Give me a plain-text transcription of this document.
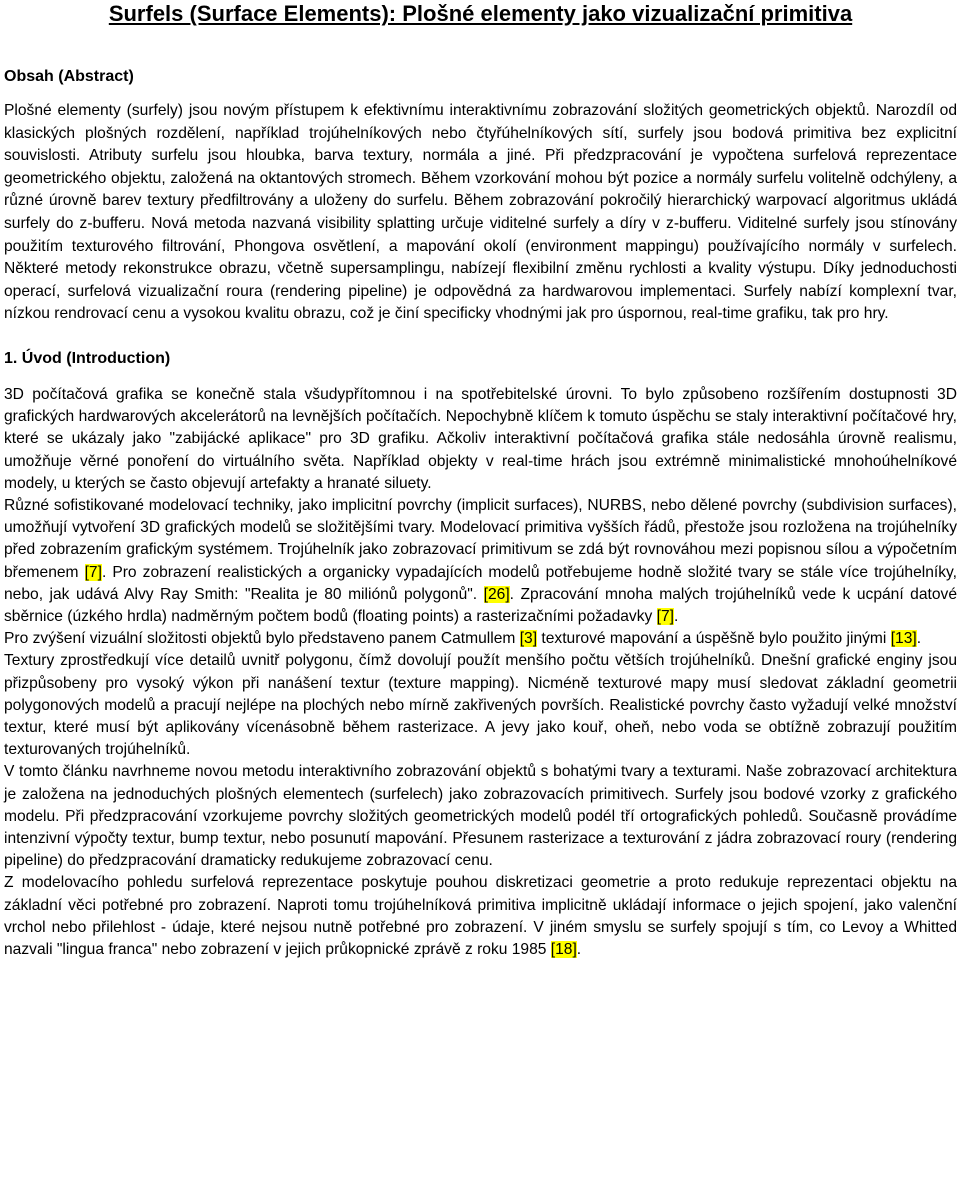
Surfels (Surface Elements): Plošné elementy jako vizualizační primitiva
Obsah (Abstract)

Plošné elementy (surfely) jsou novým přístupem k efektivnímu interaktivnímu zobrazování složitých geometrických objektů. Narozdíl od klasických plošných rozdělení, například trojúhelníkových nebo čtyřúhelníkových sítí, surfely jsou bodová primitiva bez explicitní souvislosti. Atributy surfelu jsou hloubka, barva textury, normála a jiné. Při předzpracování je vypočtena surfelová reprezentace geometrického objektu, založená na oktantových stromech. Během vzorkování mohou být pozice a normály surfelu volitelně odchýleny, a různé úrovně barev textury předfiltrovány a uloženy do surfelu. Během zobrazování pokročilý hierarchický warpovací algoritmus ukládá surfely do z-bufferu. Nová metoda nazvaná visibility splatting určuje viditelné surfely a díry v z-bufferu. Viditelné surfely jsou stínovány použitím texturového filtrování, Phongova osvětlení, a mapování okolí (environment mappingu) používajícího normály v surfelech. Některé metody rekonstrukce obrazu, včetně supersamplingu, nabízejí flexibilní změnu rychlosti a kvality výstupu. Díky jednoduchosti operací, surfelová vizualizační roura (rendering pipeline) je odpovědná za hardwarovou implementaci. Surfely nabízí komplexní tvar, nízkou rendrovací cenu a vysokou kvalitu obrazu, což je činí specificky vhodnými jak pro úspornou, real-time grafiku, tak pro hry.

1. Úvod (Introduction)

3D počítačová grafika se konečně stala všudypřítomnou i na spotřebitelské úrovni. To bylo způsobeno rozšířením dostupnosti 3D grafických hardwarových akcelerátorů na levnějších počítačích. Nepochybně klíčem k tomuto úspěchu se staly interaktivní počítačové hry, které se ukázaly jako "zabijácké aplikace" pro 3D grafiku. Ačkoliv interaktivní počítačová grafika stále nedosáhla úrovně realismu, umožňuje věrné ponoření do virtuálního světa. Například objekty v real-time hrách jsou extrémně minimalistické mnohoúhelníkové modely, u kterých se často objevují artefakty a hranaté siluety.

Různé sofistikované modelovací techniky, jako implicitní povrchy (implicit surfaces), NURBS, nebo dělené povrchy (subdivision surfaces), umožňují vytvoření 3D grafických modelů se složitějšími tvary. Modelovací primitiva vyšších řádů, přestože jsou rozložena na trojúhelníky před zobrazením grafickým systémem. Trojúhelník jako zobrazovací primitivum se zdá být rovnováhou mezi popisnou sílou a výpočetním břemenem [7]. Pro zobrazení realistických a organicky vypadajících modelů potřebujeme hodně složité tvary se stále více trojúhelníky, nebo, jak udává Alvy Ray Smith: "Realita je 80 miliónů polygonů". [26]. Zpracování mnoha malých trojúhelníků vede k ucpání datové sběrnice (úzkého hrdla) nadměrným počtem bodů (floating points) a rasterizačními požadavky [7].

Pro zvýšení vizuální složitosti objektů bylo představeno panem Catmullem [3] texturové mapování a úspěšně bylo použito jinými [13].

Textury zprostředkují více detailů uvnitř polygonu, čímž dovolují použít menšího počtu větších trojúhelníků. Dnešní grafické enginy jsou přizpůsobeny pro vysoký výkon při nanášení textur (texture mapping). Nicméně texturové mapy musí sledovat základní geometrii polygonových modelů a pracují nejlépe na plochých nebo mírně zakřivených površích. Realistické povrchy často vyžadují velké množství textur, které musí být aplikovány vícenásobně během rasterizace. A jevy jako kouř, oheň, nebo voda se obtížně zobrazují použitím texturovaných trojúhelníků.

V tomto článku navrhneme novou metodu interaktivního zobrazování objektů s bohatými tvary a texturami. Naše zobrazovací architektura je založena na jednoduchých plošných elementech (surfelech) jako zobrazovacích primitivech. Surfely jsou bodové vzorky z grafického modelu. Při předzpracování vzorkujeme povrchy složitých geometrických modelů podél tří ortografických pohledů. Současně provádíme intenzivní výpočty textur, bump textur, nebo posunutí mapování. Přesunem rasterizace a texturování z jádra zobrazovací roury (rendering pipeline) do předzpracování dramaticky redukujeme zobrazovací cenu.

Z modelovacího pohledu surfelová reprezentace poskytuje pouhou diskretizaci geometrie a proto redukuje reprezentaci objektu na základní věci potřebné pro zobrazení. Naproti tomu trojúhelníková primitiva implicitně ukládají informace o jejich spojení, jako valenční vrchol nebo přilehlost - údaje, které nejsou nutně potřebné pro zobrazení. V jiném smyslu se surfely spojují s tím, co Levoy a Whitted nazvali "lingua franca" nebo zobrazení v jejich průkopnické zprávě z roku 1985 [18].
